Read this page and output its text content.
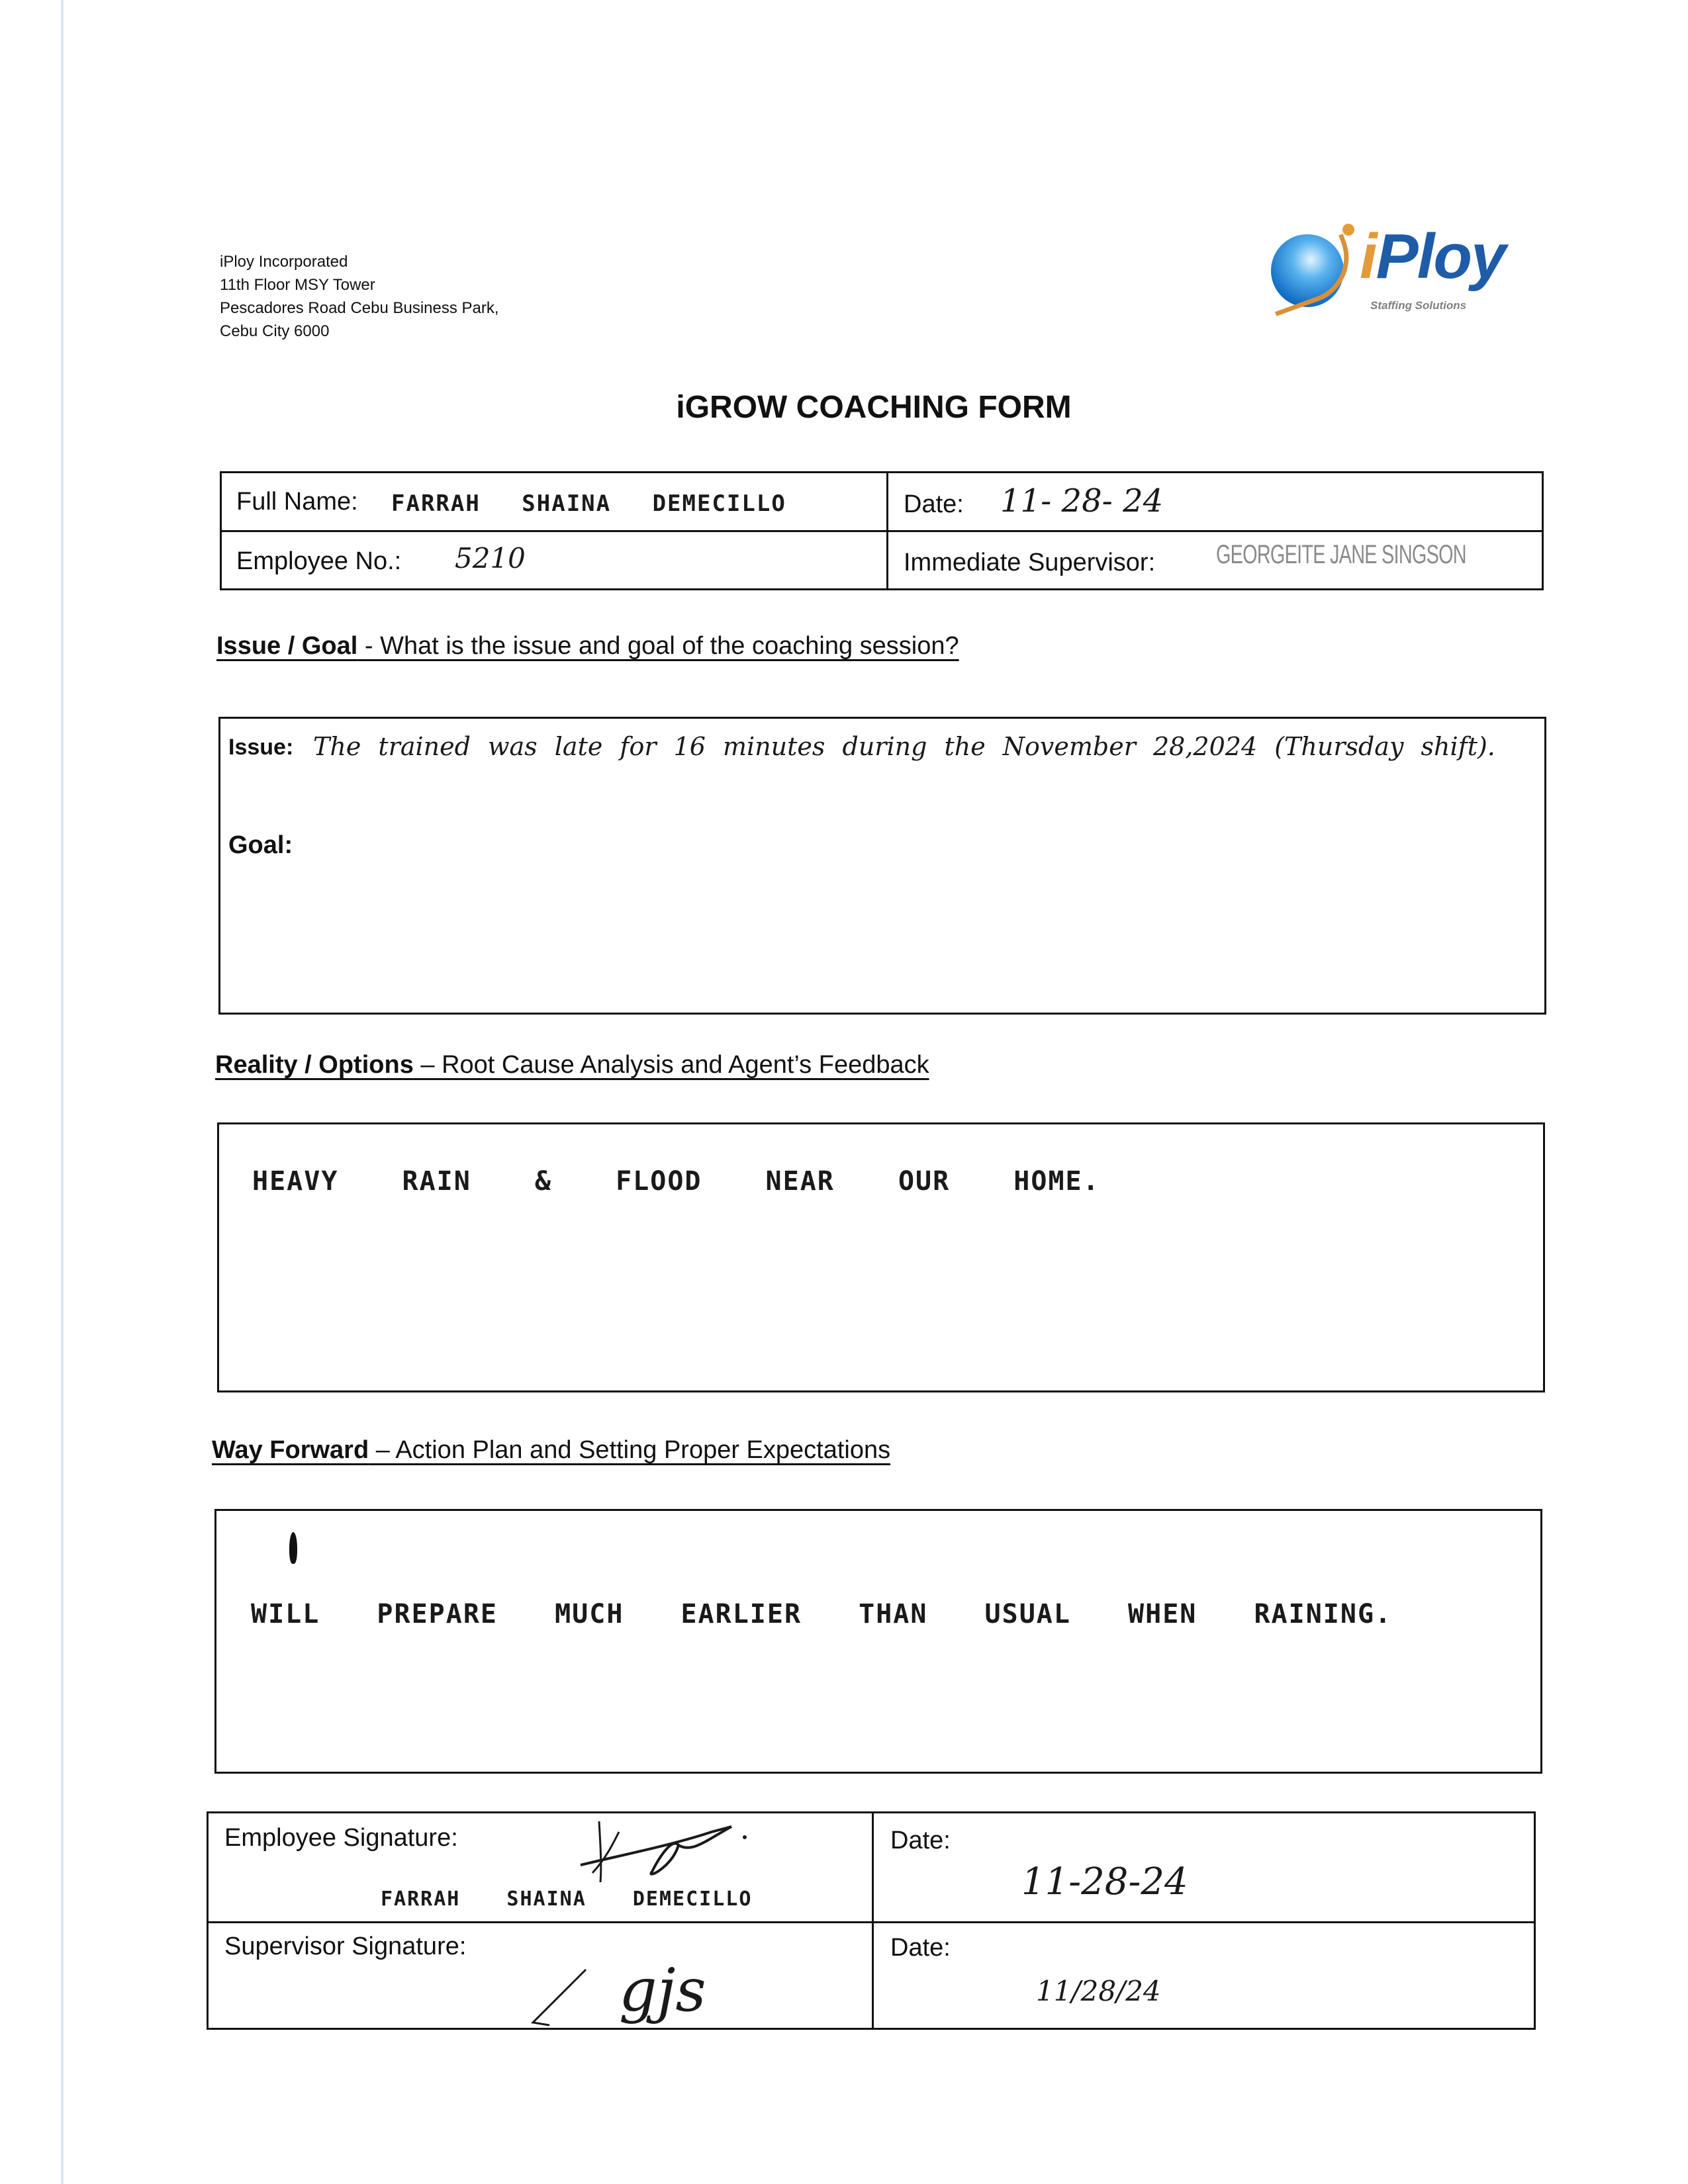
iPloy Incorporated
11th Floor MSY Tower
Pescadores Road Cebu Business Park,
Cebu City 6000
iPloy
Staffing Solutions
iGROW COACHING FORM
Full Name: FARRAH SHAINA DEMECILLO	Date: 11- 28- 24
Employee No.: 5210	Immediate Supervisor: GEORGEITE JANE SINGSON
Issue / Goal - What is the issue and goal of the coaching session?
Issue: The trained was late for 16 minutes during the November 28,2024 (Thursday shift).
Goal:
Reality / Options – Root Cause Analysis and Agent’s Feedback
HEAVY RAIN & FLOOD NEAR OUR HOME.
Way Forward – Action Plan and Setting Proper Expectations
WILL PREPARE MUCH EARLIER THAN USUAL WHEN RAINING.
Employee Signature:
FARRAH SHAINA DEMECILLO
Supervisor Signature:
gjs
Date:
11-28-24
Date:
11/28/24
